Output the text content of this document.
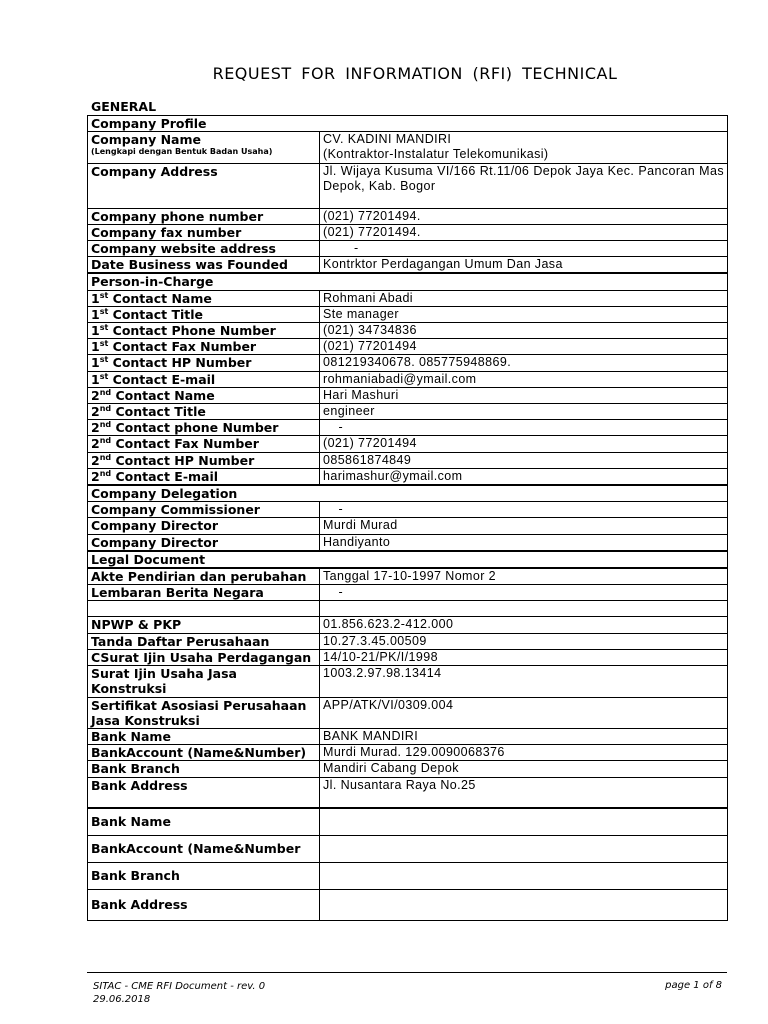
REQUEST FOR INFORMATION (RFI) TECHNICAL
GENERAL
Company Profile	
Company Name
(Lengkapi dengan Bentuk Badan Usaha)	CV. KADINI MANDIRI
(Kontraktor-Instalatur Telekomunikasi)

Company Address	Jl. Wijaya Kusuma VI/166 Rt.11/06 Depok Jaya Kec. Pancoran Mas Depok, Kab. Bogor
Company phone number	(021) 77201494.
Company fax number	(021) 77201494.
Company website address	-
Date Business was Founded	Kontrktor Perdagangan Umum Dan Jasa
Person-in-Charge	
1st Contact Name	Rohmani Abadi
1st Contact Title	Ste manager
1st Contact Phone Number	(021) 34734836
1st Contact Fax Number	(021) 77201494
1st Contact HP Number	081219340678. 085775948869.
1st Contact E-mail	rohmaniabadi@ymail.com
2nd Contact Name	Hari Mashuri
2nd Contact Title	engineer
2nd Contact phone Number	-
2nd Contact Fax Number	(021) 77201494
2nd Contact HP Number	085861874849
2nd Contact E-mail	harimashur@ymail.com
Company Delegation	
Company Commissioner	-
Company Director	Murdi Murad
Company Director	Handiyanto
Legal Document	
Akte Pendirian dan perubahan	Tanggal 17-10-1997 Nomor 2
Lembaran Berita Negara	-

NPWP & PKP	01.856.623.2-412.000
Tanda Daftar Perusahaan	10.27.3.45.00509
CSurat Ijin Usaha Perdagangan	14/10-21/PK/I/1998
Surat Ijin Usaha Jasa Konstruksi	1003.2.97.98.13414
Sertifikat Asosiasi Perusahaan  Jasa Konstruksi	APP/ATK/VI/0309.004
Bank Name	BANK MANDIRI
BankAccount (Name&Number)	Murdi Murad. 129.0090068376
Bank Branch	Mandiri Cabang Depok
Bank Address	Jl. Nusantara Raya No.25
Bank Name	
BankAccount (Name&Number	
Bank Branch	
Bank Address	
SITAC - CME RFI Document - rev. 0
29.06.2018
page 1 of 8
